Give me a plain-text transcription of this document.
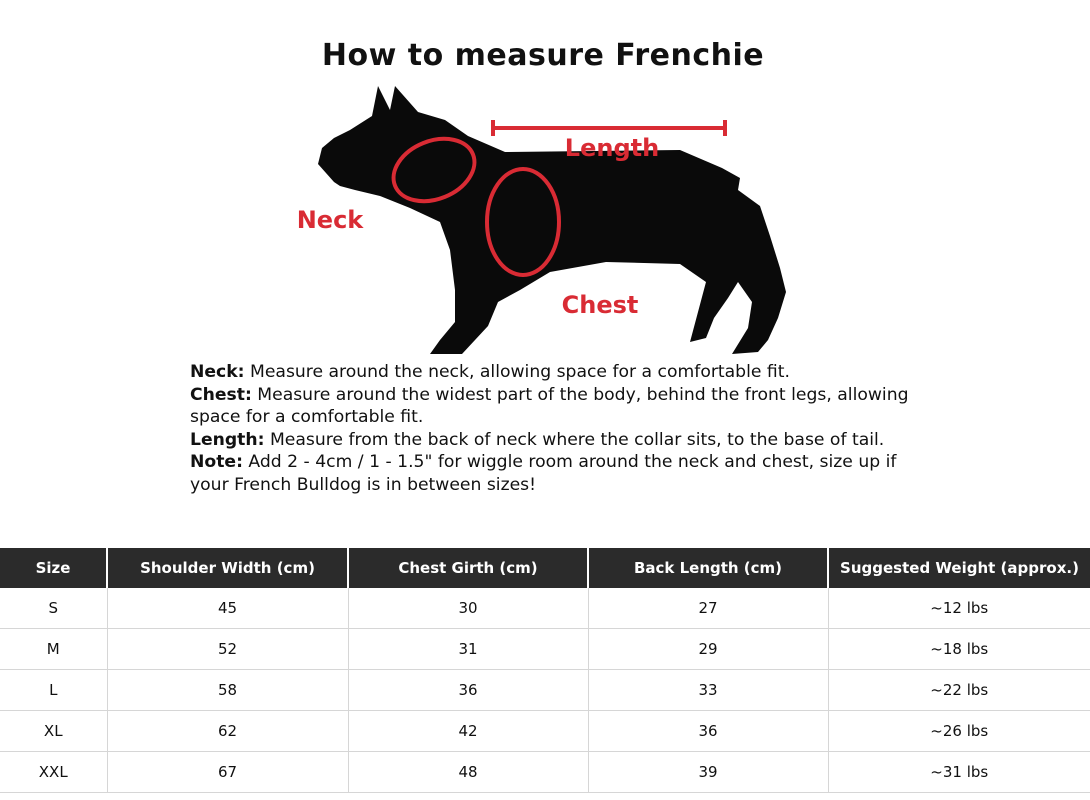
How to measure Frenchie
Length
Neck
Chest

Neck: Measure around the neck, allowing space for a comfortable fit.

Chest: Measure around the widest part of the body, behind the front legs, allowing space for a comfortable fit.

Length: Measure from the back of neck where the collar sits, to the base of tail.

Note: Add 2 - 4cm / 1 - 1.5" for wiggle room around the neck and chest, size up if your French Bulldog is in between sizes!

Size	Shoulder Width (cm)	Chest Girth (cm)	Back Length (cm)	Suggested Weight (approx.)
S	45	30	27	~12 lbs
M	52	31	29	~18 lbs
L	58	36	33	~22 lbs
XL	62	42	36	~26 lbs
XXL	67	48	39	~31 lbs
